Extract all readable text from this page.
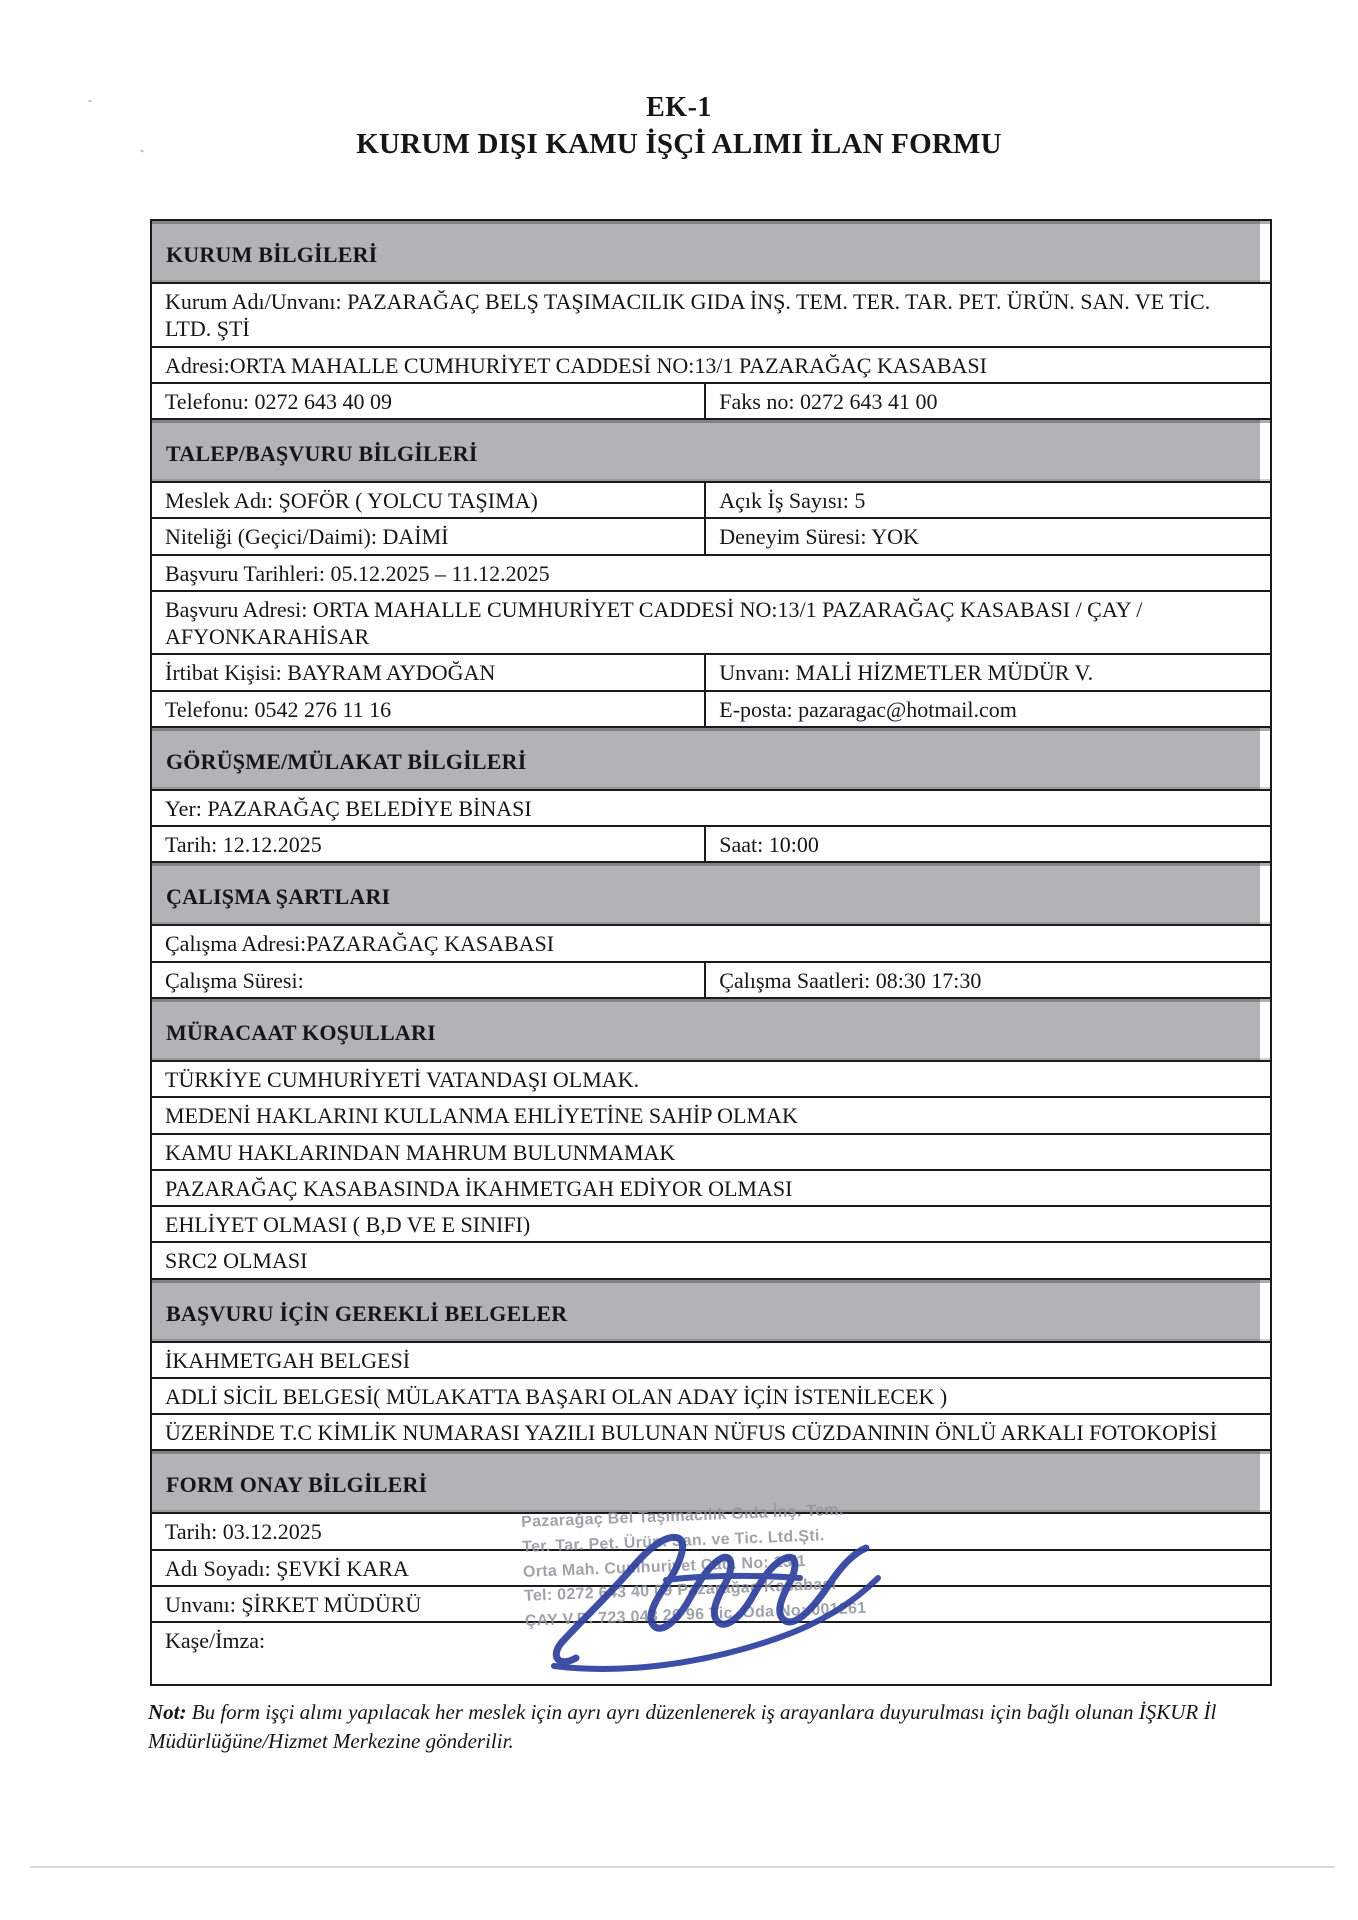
EK-1
KURUM DIŞI KAMU İŞÇİ ALIMI İLAN FORMU
KURUM BİLGİLERİ
Kurum Adı/Unvanı: PAZARAĞAÇ BELŞ TAŞIMACILIK GIDA İNŞ. TEM. TER. TAR. PET. ÜRÜN. SAN. VE TİC. LTD. ŞTİ
Adresi:ORTA MAHALLE CUMHURİYET CADDESİ NO:13/1 PAZARAĞAÇ KASABASI
Telefonu: 0272 643 40 09	Faks no: 0272 643 41 00
TALEP/BAŞVURU BİLGİLERİ
Meslek Adı: ŞOFÖR ( YOLCU TAŞIMA)	Açık İş Sayısı: 5
Niteliği (Geçici/Daimi): DAİMİ	Deneyim Süresi: YOK
Başvuru Tarihleri: 05.12.2025 – 11.12.2025
Başvuru Adresi: ORTA MAHALLE CUMHURİYET CADDESİ NO:13/1 PAZARAĞAÇ KASABASI / ÇAY / AFYONKARAHİSAR
İrtibat Kişisi: BAYRAM AYDOĞAN	Unvanı: MALİ HİZMETLER MÜDÜR V.
Telefonu: 0542 276 11 16	E-posta: pazaragac@hotmail.com
GÖRÜŞME/MÜLAKAT BİLGİLERİ
Yer: PAZARAĞAÇ BELEDİYE BİNASI
Tarih: 12.12.2025	Saat: 10:00
ÇALIŞMA ŞARTLARI
Çalışma Adresi:PAZARAĞAÇ KASABASI
Çalışma Süresi:	Çalışma Saatleri: 08:30 17:30
MÜRACAAT KOŞULLARI
TÜRKİYE CUMHURİYETİ VATANDAŞI OLMAK.
MEDENİ HAKLARINI KULLANMA EHLİYETİNE SAHİP OLMAK
KAMU HAKLARINDAN MAHRUM BULUNMAMAK
PAZARAĞAÇ KASABASINDA İKAHMETGAH EDİYOR OLMASI
EHLİYET OLMASI ( B,D VE E SINIFI)
SRC2 OLMASI
BAŞVURU İÇİN GEREKLİ BELGELER
İKAHMETGAH BELGESİ
ADLİ SİCİL BELGESİ( MÜLAKATTA BAŞARI OLAN ADAY İÇİN İSTENİLECEK )
ÜZERİNDE T.C KİMLİK NUMARASI YAZILI BULUNAN NÜFUS CÜZDANININ ÖNLÜ ARKALI FOTOKOPİSİ
FORM ONAY BİLGİLERİ
Tarih: 03.12.2025
Adı Soyadı: ŞEVKİ KARA
Unvanı: ŞİRKET MÜDÜRÜ
Kaşe/İmza:
Pazarağaç Bel Taşımacılık Gıda İnş. Tem.
Ter. Tar. Pet. Ürün. San. ve Tic. Ltd.Şti.
Orta Mah. Cumhuriyet Cad. No: 13/1
Tel: 0272 643 40 09 Pazarağaç Kasabası
ÇAY V.D. 723 043 20 96 Tic. Oda No: 001261
Not: Bu form işçi alımı yapılacak her meslek için ayrı ayrı düzenlenerek iş arayanlara duyurulması için bağlı olunan İŞKUR İl Müdürlüğüne/Hizmet Merkezine gönderilir.
